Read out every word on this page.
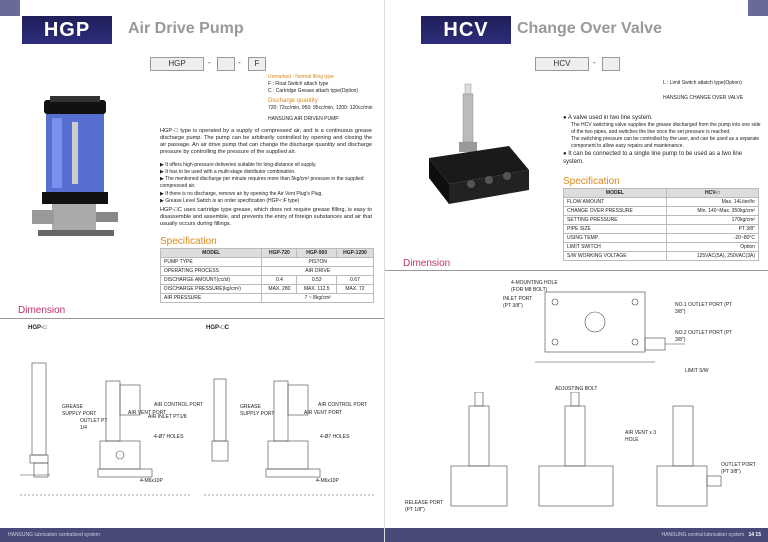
HGP	Air Drive Pump
HGP	-	-	F
Unmarked : Normal filing type
F : Float Switch attach type
C : Cartridge Grease attach type(Option)
Discharge quantity
720: 72cc/min, 950: 95cc/min, 1200: 120cc/min
HANSUNG AIR DRIVEN PUMP
HGP-□ type is operated by a supply of compressed air, and is a continuous grease discharge pump. The pump can be arbitrarily controlled by opening and closing the air passage. An air drive pump that can change the discharge quantity and discharge pressure by controlling the pressure of the supplied air.
▶ It offers high-pressure deliveries suitable for long-distance oil supply.
▶ It has to be used with a multi-stage distributor combination.
▶ The mentioned discharge per minute requires more than 5kg/cm² pressure in the supplied compressed air.
▶ If there is no discharge, remove air by opening the Air Vent Plug's Plug.
▶ Grease Level Switch is an order specification (HGP-□F type)
HGP-□C uses cartridge type grease, which does not require grease filling, is easy to disassemble and assemble, and prevents the entry of foreign substances and air that usually occurs during fillings.
Specification
MODEL	HGP-720	HGP-950	HGP-1200
PUMP TYPE	PISTON		
OPERATING PROCESS	AIR DRIVE		
DISCHARGE AMOUNT(cc/st)	0.4	0.53	0.67
DISCHARGE PRESSURE(kg/cm²)	MAX. 280	MAX. 112.5	MAX. 72
AIR PRESSURE	7 ~ 8kg/cm²		
Dimension
HGP-□	HGP-□C
GREASE SUPPLY PORT	AIR VENT PORT
AIR INLET PT1/8
OUTLET PT 1/4
AIR CONTROL PORT
4-Ø7 HOLES
4-M6x10P
GREASE SUPPLY PORT
AIR CONTROL PORT
AIR VENT PORT
4-Ø7 HOLES
4-M6x10P
HANSUNG lubrication centralized system
HCV	Change Over Valve
HCV	-
L : Limit Switch attatch type(Option)
HANSUNG CHANGE OVER VALVE
● A valve used in two line system.
The HCV switching valve supplies the grease discharged from the pump into one side of the two pipes, and switches the line once the set pressure is reached.
The switching pressure can be controlled by the user, and can be used as a separate component to allow easy repairs and maintenance.
● It can be connected to a single line pump to be used as a two line system.
Specification
MODEL	HCV-□
FLOW AMOUNT	Max. 14Liter/hr
CHANGE OVER PRESSURE	Min. 140~Max. 350kg/cm²
SETTING PRESSURE	170kg/cm²
PIPE SIZE	PT 3/8"
USING TEMP.	-20~80°C
LIMIT SWITCH	Option
S/W WORKING VOLTAGE	125VAC(5A), 250VAC(3A)
Dimension
4-MOUNTING HOLE (FOR M8 BOLT)
INLET PORT (PT 3/8")	NO.1 OUTLET PORT (PT 3/8")
NO.2 OUTLET PORT (PT 3/8")
LIMIT S/W
ADJUSTING BOLT
AIR VENT x 3 HOLE
OUTLET PORT (PT 3/8")
RELEASE PORT (PT 1/8")
HANSUNG central lubrication system 14 15
